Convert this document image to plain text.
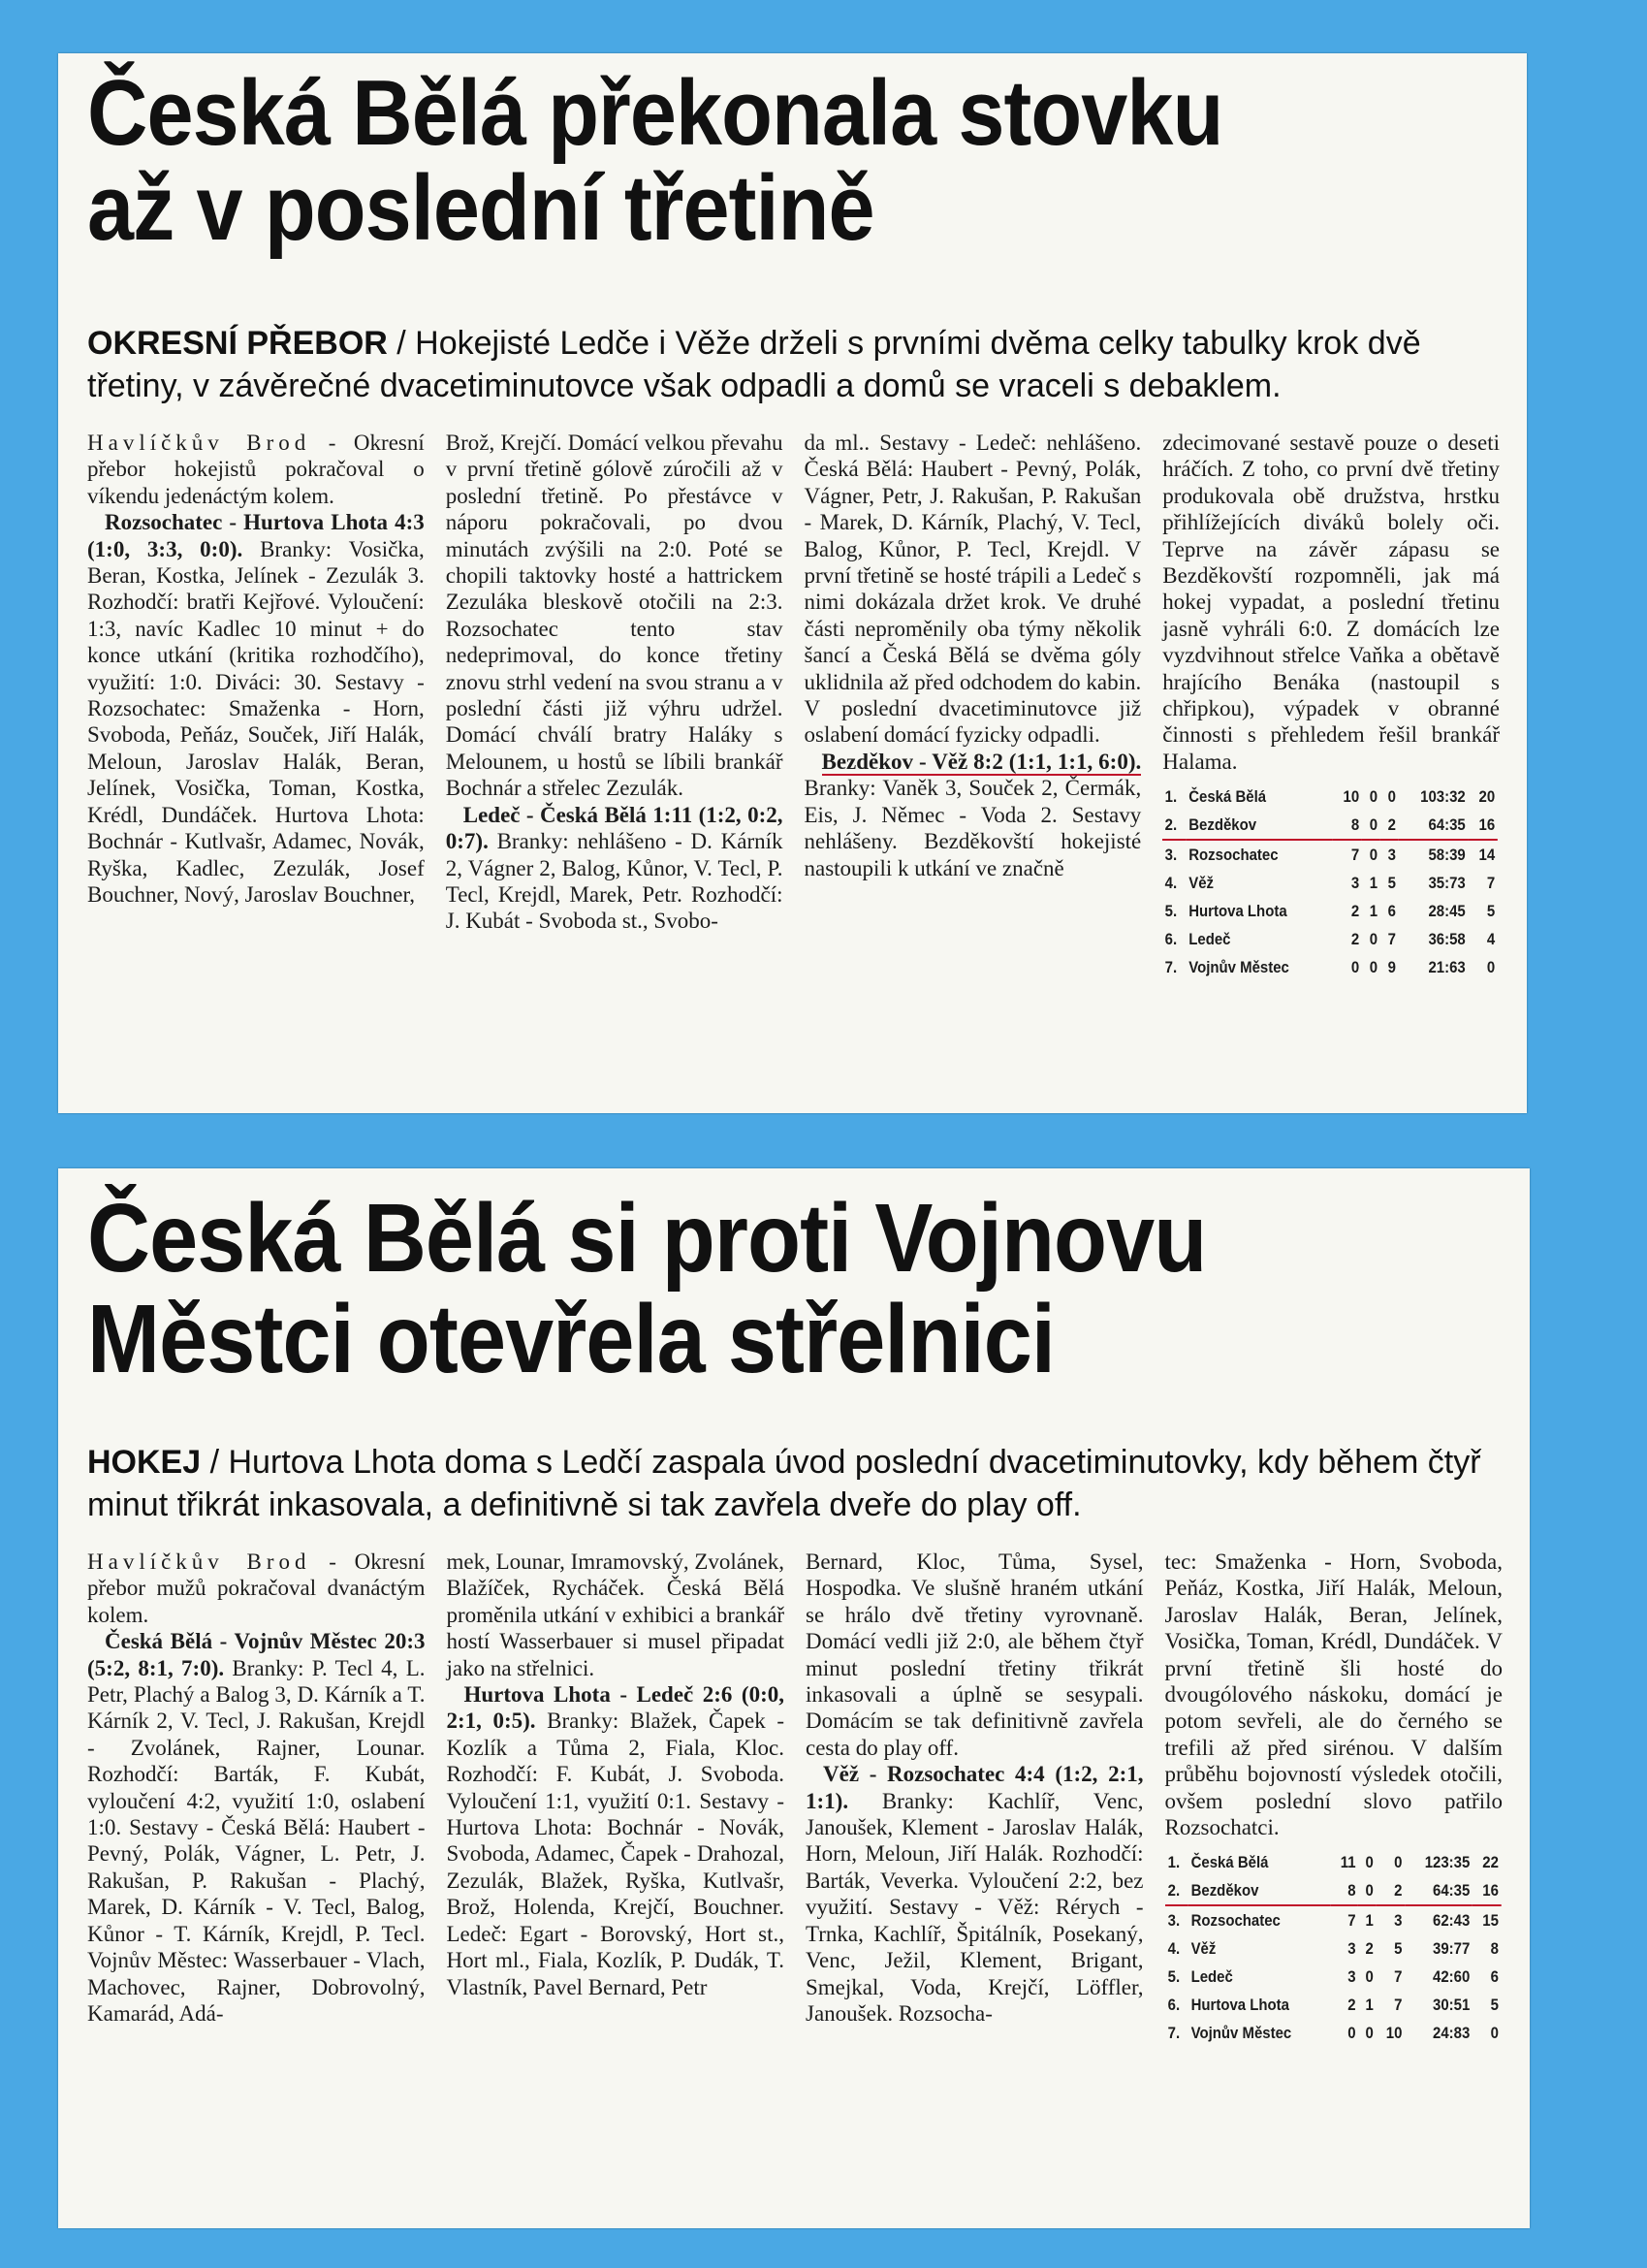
Česká Bělá překonala stovku
až v poslední třetině

OKRESNÍ PŘEBOR / Hokejisté Ledče i Věže drželi s prvními dvěma celky tabulky krok dvě třetiny, v závěrečné dvacetiminutovce však odpadli a domů se vraceli s debaklem.

Havlíčkův Brod - Okresní přebor hokejistů pokračoval o víkendu jedenáctým kolem.

Rozsochatec - Hurtova Lhota 4:3 (1:0, 3:3, 0:0). Branky: Vosička, Beran, Kostka, Jelínek - Zezulák 3. Rozhodčí: bratři Kejřové. Vyloučení: 1:3, navíc Kadlec 10 minut + do konce utkání (kritika rozhodčího), využití: 1:0. Diváci: 30. Sestavy - Rozsochatec: Smaženka - Horn, Svoboda, Peňáz, Souček, Jiří Halák, Meloun, Jaroslav Halák, Beran, Jelínek, Vosička, Toman, Kostka, Krédl, Dundáček. Hurtova Lhota: Bochnár - Kutlvašr, Adamec, Novák, Ryška, Kadlec, Zezulák, Josef Bouchner, Nový, Jaroslav Bouchner,

Brož, Krejčí. Domácí velkou převahu v první třetině gólově zúročili až v poslední třetině. Po přestávce v náporu pokračovali, po dvou minutách zvýšili na 2:0. Poté se chopili taktovky hosté a hattrickem Zezuláka bleskově otočili na 2:3. Rozsochatec tento stav nedeprimoval, do konce třetiny znovu strhl vedení na svou stranu a v poslední části již výhru udržel. Domácí chválí bratry Haláky s Melounem, u hostů se líbili brankář Bochnár a střelec Zezulák.

Ledeč - Česká Bělá 1:11 (1:2, 0:2, 0:7). Branky: nehlášeno - D. Kárník 2, Vágner 2, Balog, Kůnor, V. Tecl, P. Tecl, Krejdl, Marek, Petr. Rozhodčí: J. Kubát - Svoboda st., Svobo-

da ml.. Sestavy - Ledeč: nehlášeno. Česká Bělá: Haubert - Pevný, Polák, Vágner, Petr, J. Rakušan, P. Rakušan - Marek, D. Kárník, Plachý, V. Tecl, Balog, Kůnor, P. Tecl, Krejdl. V první třetině se hosté trápili a Ledeč s nimi dokázala držet krok. Ve druhé části neproměnily oba týmy několik šancí a Česká Bělá se dvěma góly uklidnila až před odchodem do kabin. V poslední dvacetiminutovce již oslabení domácí fyzicky odpadli.

Bezděkov - Věž 8:2 (1:1, 1:1, 6:0). Branky: Vaněk 3, Souček 2, Čermák, Eis, J. Němec - Voda 2. Sestavy nehlášeny. Bezděkovští hokejisté nastoupili k utkání ve značně

zdecimované sestavě pouze o deseti hráčích. Z toho, co první dvě třetiny produkovala obě družstva, hrstku přihlížejících diváků bolely oči. Teprve na závěr zápasu se Bezděkovští rozpomněli, jak má hokej vypadat, a poslední třetinu jasně vyhráli 6:0. Z domácích lze vyzdvihnout střelce Vaňka a obětavě hrajícího Benáka (nastoupil s chřipkou), výpadek v obranné činnosti s přehledem řešil brankář Halama.

1.	Česká Bělá	10	0	0	103:32	20
2.	Bezděkov	8	0	2	64:35	16
3.	Rozsochatec	7	0	3	58:39	14
4.	Věž	3	1	5	35:73	7
5.	Hurtova Lhota	2	1	6	28:45	5
6.	Ledeč	2	0	7	36:58	4
7.	Vojnův Městec	0	0	9	21:63	0
Česká Bělá si proti Vojnovu
Městci otevřela střelnici

HOKEJ / Hurtova Lhota doma s Ledčí zaspala úvod poslední dvacetiminutovky, kdy během čtyř minut třikrát inkasovala, a definitivně si tak zavřela dveře do play off.

Havlíčkův Brod - Okresní přebor mužů pokračoval dvanáctým kolem.

Česká Bělá - Vojnův Městec 20:3 (5:2, 8:1, 7:0). Branky: P. Tecl 4, L. Petr, Plachý a Balog 3, D. Kárník a T. Kárník 2, V. Tecl, J. Rakušan, Krejdl - Zvolánek, Rajner, Lounar. Rozhodčí: Barták, F. Kubát, vyloučení 4:2, využití 1:0, oslabení 1:0. Sestavy - Česká Bělá: Haubert - Pevný, Polák, Vágner, L. Petr, J. Rakušan, P. Rakušan - Plachý, Marek, D. Kárník - V. Tecl, Balog, Kůnor - T. Kárník, Krejdl, P. Tecl. Vojnův Městec: Wasserbauer - Vlach, Machovec, Rajner, Dobrovolný, Kamarád, Adá-

mek, Lounar, Imramovský, Zvolánek, Blažíček, Rycháček. Česká Bělá proměnila utkání v exhibici a brankář hostí Wasserbauer si musel připadat jako na střelnici.

Hurtova Lhota - Ledeč 2:6 (0:0, 2:1, 0:5). Branky: Blažek, Čapek - Kozlík a Tůma 2, Fiala, Kloc. Rozhodčí: F. Kubát, J. Svoboda. Vyloučení 1:1, využití 0:1. Sestavy - Hurtova Lhota: Bochnár - Novák, Svoboda, Adamec, Čapek - Drahozal, Zezulák, Blažek, Ryška, Kutlvašr, Brož, Holenda, Krejčí, Bouchner. Ledeč: Egart - Borovský, Hort st., Hort ml., Fiala, Kozlík, P. Dudák, T. Vlastník, Pavel Bernard, Petr

Bernard, Kloc, Tůma, Sysel, Hospodka. Ve slušně hraném utkání se hrálo dvě třetiny vyrovnaně. Domácí vedli již 2:0, ale během čtyř minut poslední třetiny třikrát inkasovali a úplně se sesypali. Domácím se tak definitivně zavřela cesta do play off.

Věž - Rozsochatec 4:4 (1:2, 2:1, 1:1). Branky: Kachlíř, Venc, Janoušek, Klement - Jaroslav Halák, Horn, Meloun, Jiří Halák. Rozhodčí: Barták, Veverka. Vyloučení 2:2, bez využití. Sestavy - Věž: Rérych - Trnka, Kachlíř, Špitálník, Posekaný, Venc, Ježil, Klement, Brigant, Smejkal, Voda, Krejčí, Löffler, Janoušek. Rozsocha-

tec: Smaženka - Horn, Svoboda, Peňáz, Kostka, Jiří Halák, Meloun, Jaroslav Halák, Beran, Jelínek, Vosička, Toman, Krédl, Dundáček. V první třetině šli hosté do dvougólového náskoku, domácí je potom sevřeli, ale do černého se trefili až před sirénou. V dalším průběhu bojovností výsledek otočili, ovšem poslední slovo patřilo Rozsochatci.

1.	Česká Bělá	11	0	0	123:35	22
2.	Bezděkov	8	0	2	64:35	16
3.	Rozsochatec	7	1	3	62:43	15
4.	Věž	3	2	5	39:77	8
5.	Ledeč	3	0	7	42:60	6
6.	Hurtova Lhota	2	1	7	30:51	5
7.	Vojnův Městec	0	0	10	24:83	0
